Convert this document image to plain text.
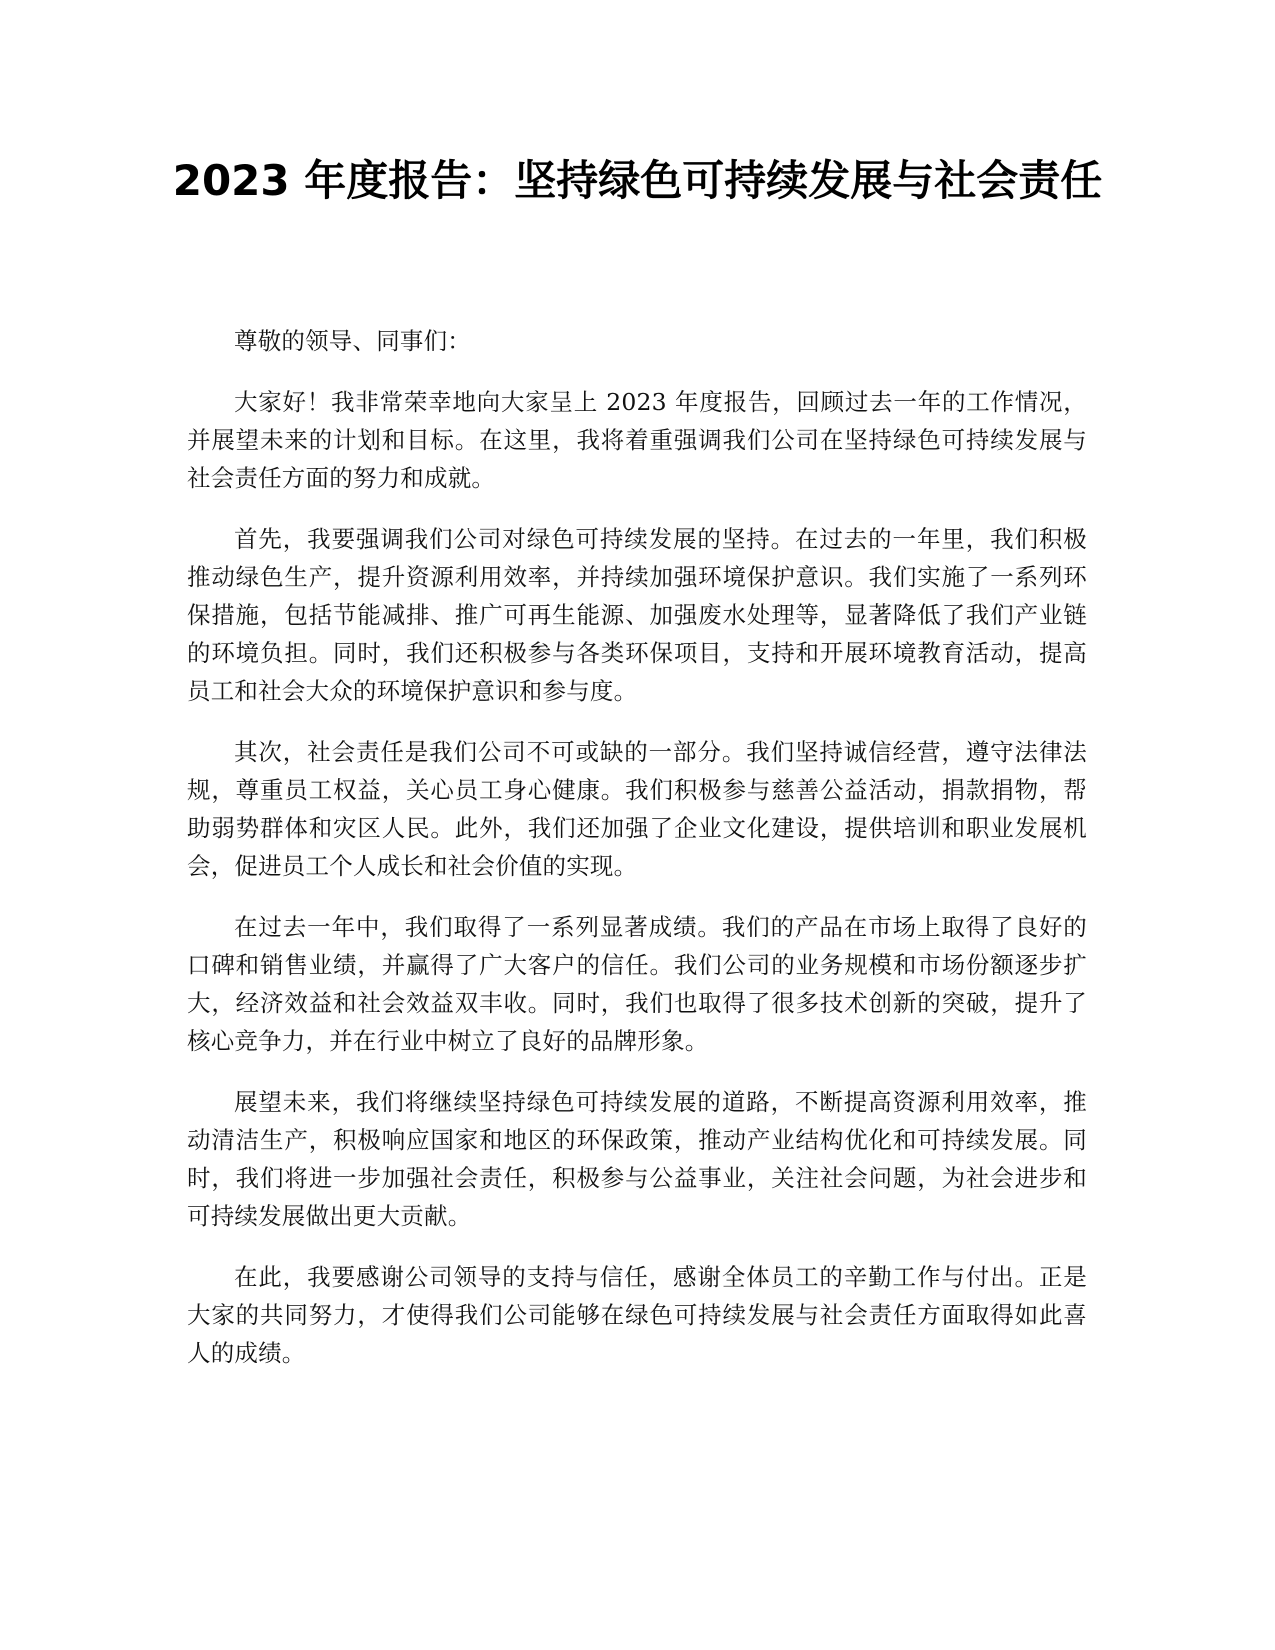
2023 年度报告：坚持绿色可持续发展与社会责任

尊敬的领导、同事们：

大家好！我非常荣幸地向大家呈上 2023 年度报告，回顾过去一年的工作情况，并展望未来的计划和目标。在这里，我将着重强调我们公司在坚持绿色可持续发展与社会责任方面的努力和成就。

首先，我要强调我们公司对绿色可持续发展的坚持。在过去的一年里，我们积极推动绿色生产，提升资源利用效率，并持续加强环境保护意识。我们实施了一系列环保措施，包括节能减排、推广可再生能源、加强废水处理等，显著降低了我们产业链的环境负担。同时，我们还积极参与各类环保项目，支持和开展环境教育活动，提高员工和社会大众的环境保护意识和参与度。

其次，社会责任是我们公司不可或缺的一部分。我们坚持诚信经营，遵守法律法规，尊重员工权益，关心员工身心健康。我们积极参与慈善公益活动，捐款捐物，帮助弱势群体和灾区人民。此外，我们还加强了企业文化建设，提供培训和职业发展机会，促进员工个人成长和社会价值的实现。

在过去一年中，我们取得了一系列显著成绩。我们的产品在市场上取得了良好的口碑和销售业绩，并赢得了广大客户的信任。我们公司的业务规模和市场份额逐步扩大，经济效益和社会效益双丰收。同时，我们也取得了很多技术创新的突破，提升了核心竞争力，并在行业中树立了良好的品牌形象。

展望未来，我们将继续坚持绿色可持续发展的道路，不断提高资源利用效率，推动清洁生产，积极响应国家和地区的环保政策，推动产业结构优化和可持续发展。同时，我们将进一步加强社会责任，积极参与公益事业，关注社会问题，为社会进步和可持续发展做出更大贡献。

在此，我要感谢公司领导的支持与信任，感谢全体员工的辛勤工作与付出。正是大家的共同努力，才使得我们公司能够在绿色可持续发展与社会责任方面取得如此喜人的成绩。
